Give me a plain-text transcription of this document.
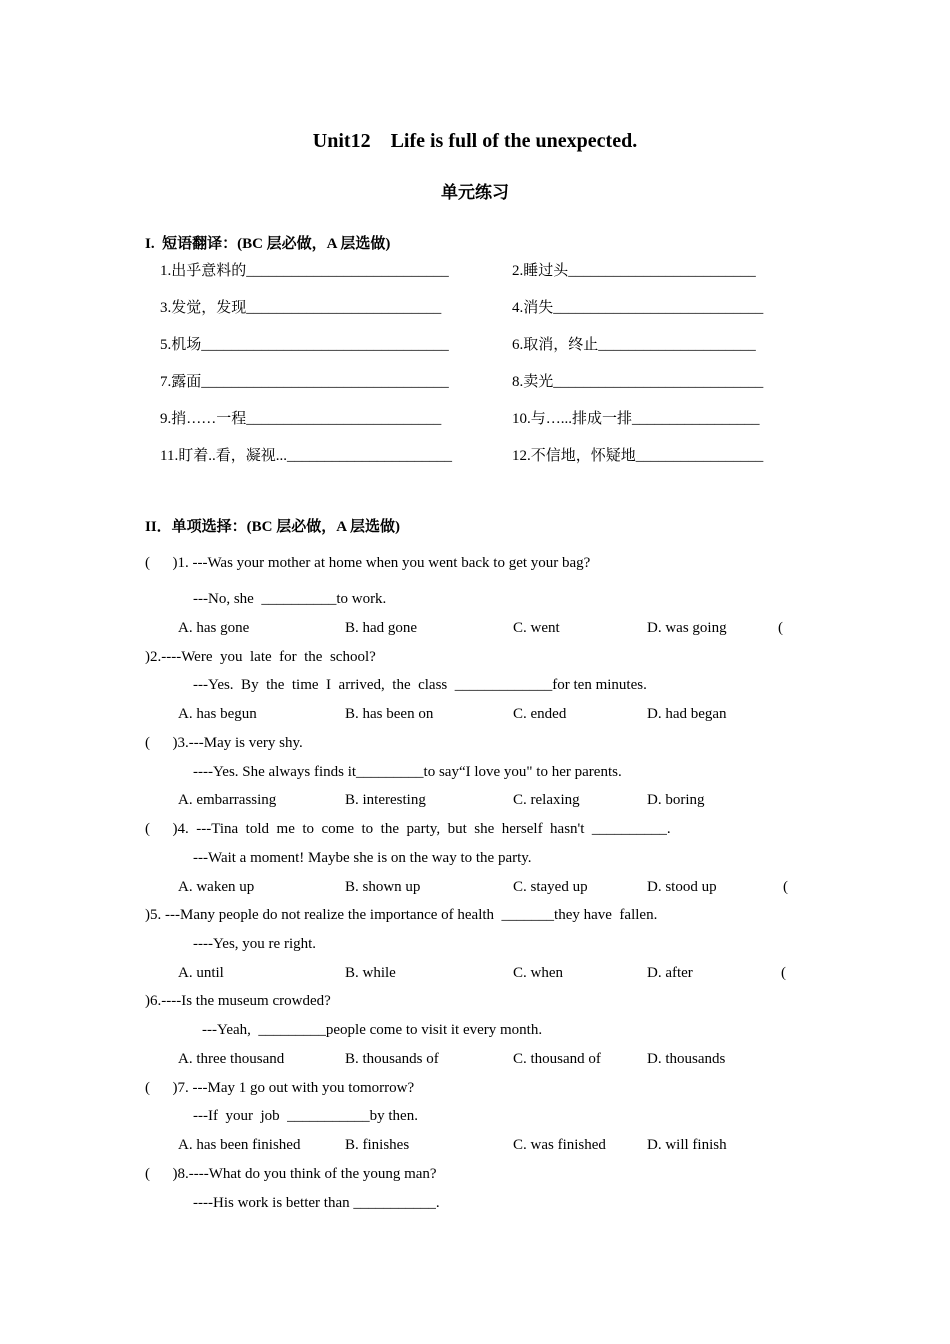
Unit12    Life is full of the unexpected.
单元练习
I.  短语翻译：(BC 层必做，A 层选做)
1.出乎意料的___________________________	2.睡过头_________________________
3.发觉，发现__________________________	4.消失____________________________
5.机场_________________________________	6.取消，终止_____________________
7.露面_________________________________	8.卖光____________________________
9.捎……一程__________________________	10.与…...排成一排_________________
11.盯着..看，凝视...______________________	12.不信地，怀疑地_________________
II．单项选择：(BC 层必做，A 层选做)
(      )1. ---Was your mother at home when you went back to get your bag?
---No, she  __________to work.
A. has gone	B. had gone	C. went	D. was going	(
)2.----Were  you  late  for  the  school?
---Yes.  By  the  time  I  arrived,  the  class  _____________for ten minutes.
A. has begun	B. has been on	C. ended	D. had began
(      )3.---May is very shy.
----Yes. She always finds it_________to say“I love you" to her parents.
A. embarrassing	B. interesting	C. relaxing	D. boring
(      )4.  ---Tina  told  me  to  come  to  the  party,  but  she  herself  hasn't  __________.
---Wait a moment! Maybe she is on the way to the party.
A. waken up	B. shown up	C. stayed up	D. stood up	(
)5. ---Many people do not realize the importance of health  _______they have  fallen.
----Yes, you re right.
A. until	B. while	C. when	D. after	(
)6.----Is the museum crowded?
---Yeah,  _________people come to visit it every month.
A. three thousand	B. thousands of	C. thousand of	D. thousands
(      )7. ---May 1 go out with you tomorrow?
---If  your  job  ___________by then.
A. has been finished	B. finishes	C. was finished	D. will finish
(      )8.----What do you think of the young man?
----His work is better than ___________.
